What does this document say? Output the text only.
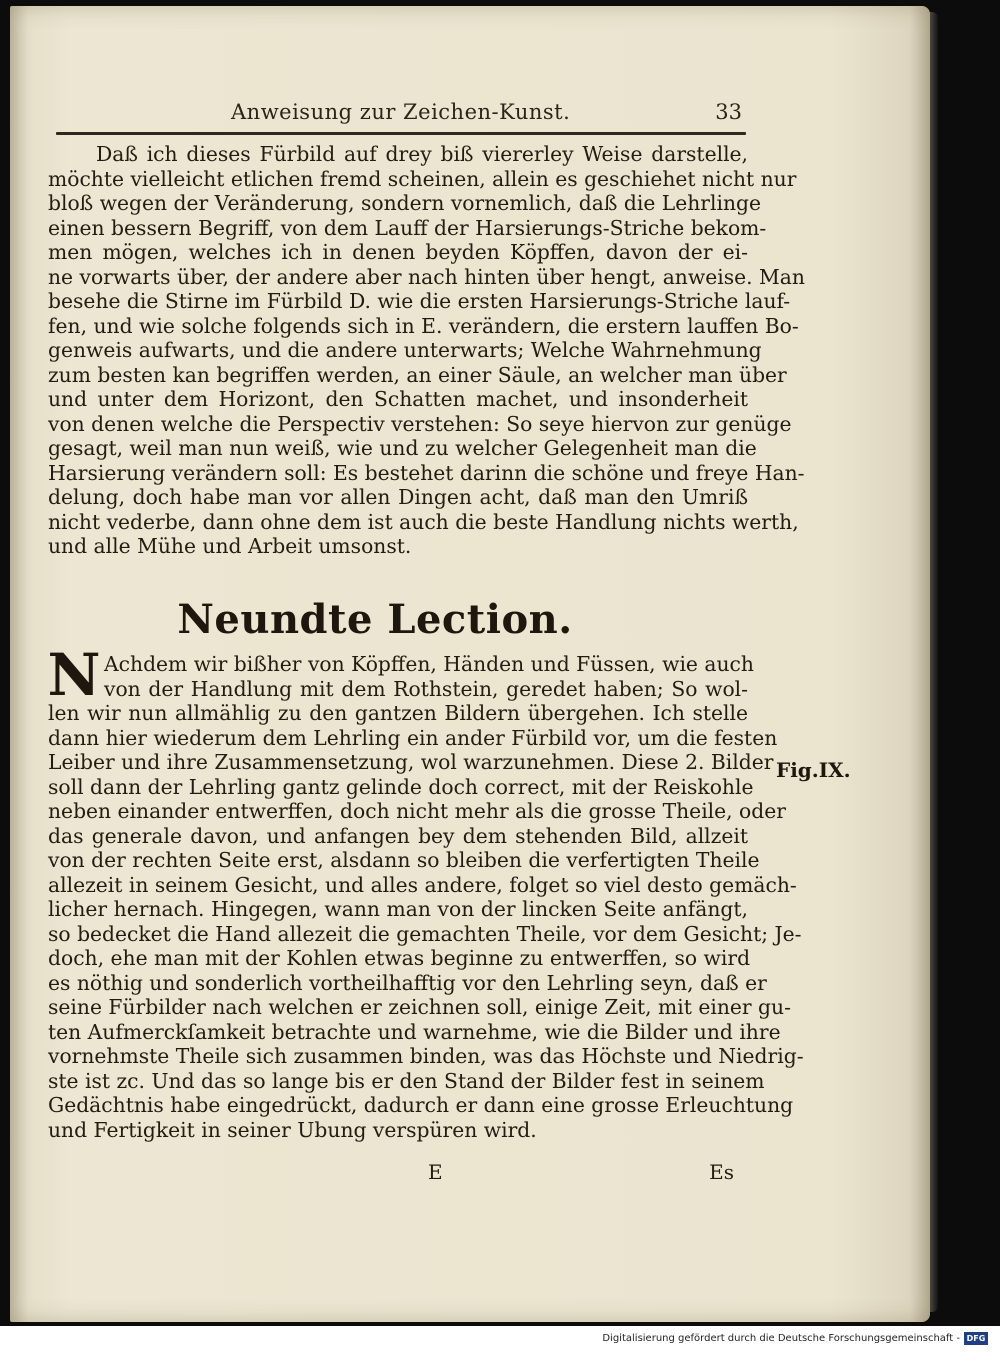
Anweisung zur Zeichen-Kunst.	33
Daß ich dieses Fürbild auf drey biß viererley Weise darstelle,
möchte vielleicht etlichen fremd scheinen, allein es geschiehet nicht nur
bloß wegen der Veränderung, sondern vornemlich, daß die Lehrlinge
einen bessern Begriff, von dem Lauff der Harsierungs-Striche bekom-
men mögen, welches ich in denen beyden Köpffen, davon der ei-
ne vorwarts über, der andere aber nach hinten über hengt, anweise. Man
besehe die Stirne im Fürbild D. wie die ersten Harsierungs-Striche lauf-
fen, und wie solche folgends sich in E. verändern, die erstern lauffen Bo-
genweis aufwarts, und die andere unterwarts; Welche Wahrnehmung
zum besten kan begriffen werden, an einer Säule, an welcher man über
und unter dem Horizont, den Schatten machet, und insonderheit
von denen welche die Perspectiv verstehen: So seye hiervon zur genüge
gesagt, weil man nun weiß, wie und zu welcher Gelegenheit man die
Harsierung verändern soll: Es bestehet darinn die schöne und freye Han-
delung, doch habe man vor allen Dingen acht, daß man den Umriß
nicht vederbe, dann ohne dem ist auch die beste Handlung nichts werth,
und alle Mühe und Arbeit umsonst.
Neundte Lection.
N Achdem wir bißher von Köpffen, Händen und Füssen, wie auch
von der Handlung mit dem Rothstein, geredet haben; So wol-
len wir nun allmählig zu den gantzen Bildern übergehen. Ich stelle
dann hier wiederum dem Lehrling ein ander Fürbild vor, um die festen
Leiber und ihre Zusammensetzung, wol warzunehmen. Diese 2. Bilder
soll dann der Lehrling gantz gelinde doch correct, mit der Reiskohle
neben einander entwerffen, doch nicht mehr als die grosse Theile, oder
das generale davon, und anfangen bey dem stehenden Bild, allzeit
von der rechten Seite erst, alsdann so bleiben die verfertigten Theile
allezeit in seinem Gesicht, und alles andere, folget so viel desto gemäch-
licher hernach. Hingegen, wann man von der lincken Seite anfängt,
so bedecket die Hand allezeit die gemachten Theile, vor dem Gesicht; Je-
doch, ehe man mit der Kohlen etwas beginne zu entwerffen, so wird
es nöthig und sonderlich vortheilhafftig vor den Lehrling seyn, daß er
seine Fürbilder nach welchen er zeichnen soll, einige Zeit, mit einer gu-
ten Aufmerckſamkeit betrachte und warnehme, wie die Bilder und ihre
vornehmste Theile sich zusammen binden, was das Höchste und Niedrig-
ste ist zc. Und das so lange bis er den Stand der Bilder fest in seinem
Gedächtnis habe eingedrückt, dadurch er dann eine grosse Erleuchtung
und Fertigkeit in seiner Ubung verspüren wird.
Fig.IX.
E	Es
Digitalisierung gefördert durch die Deutsche Forschungsgemeinschaft - DFG
